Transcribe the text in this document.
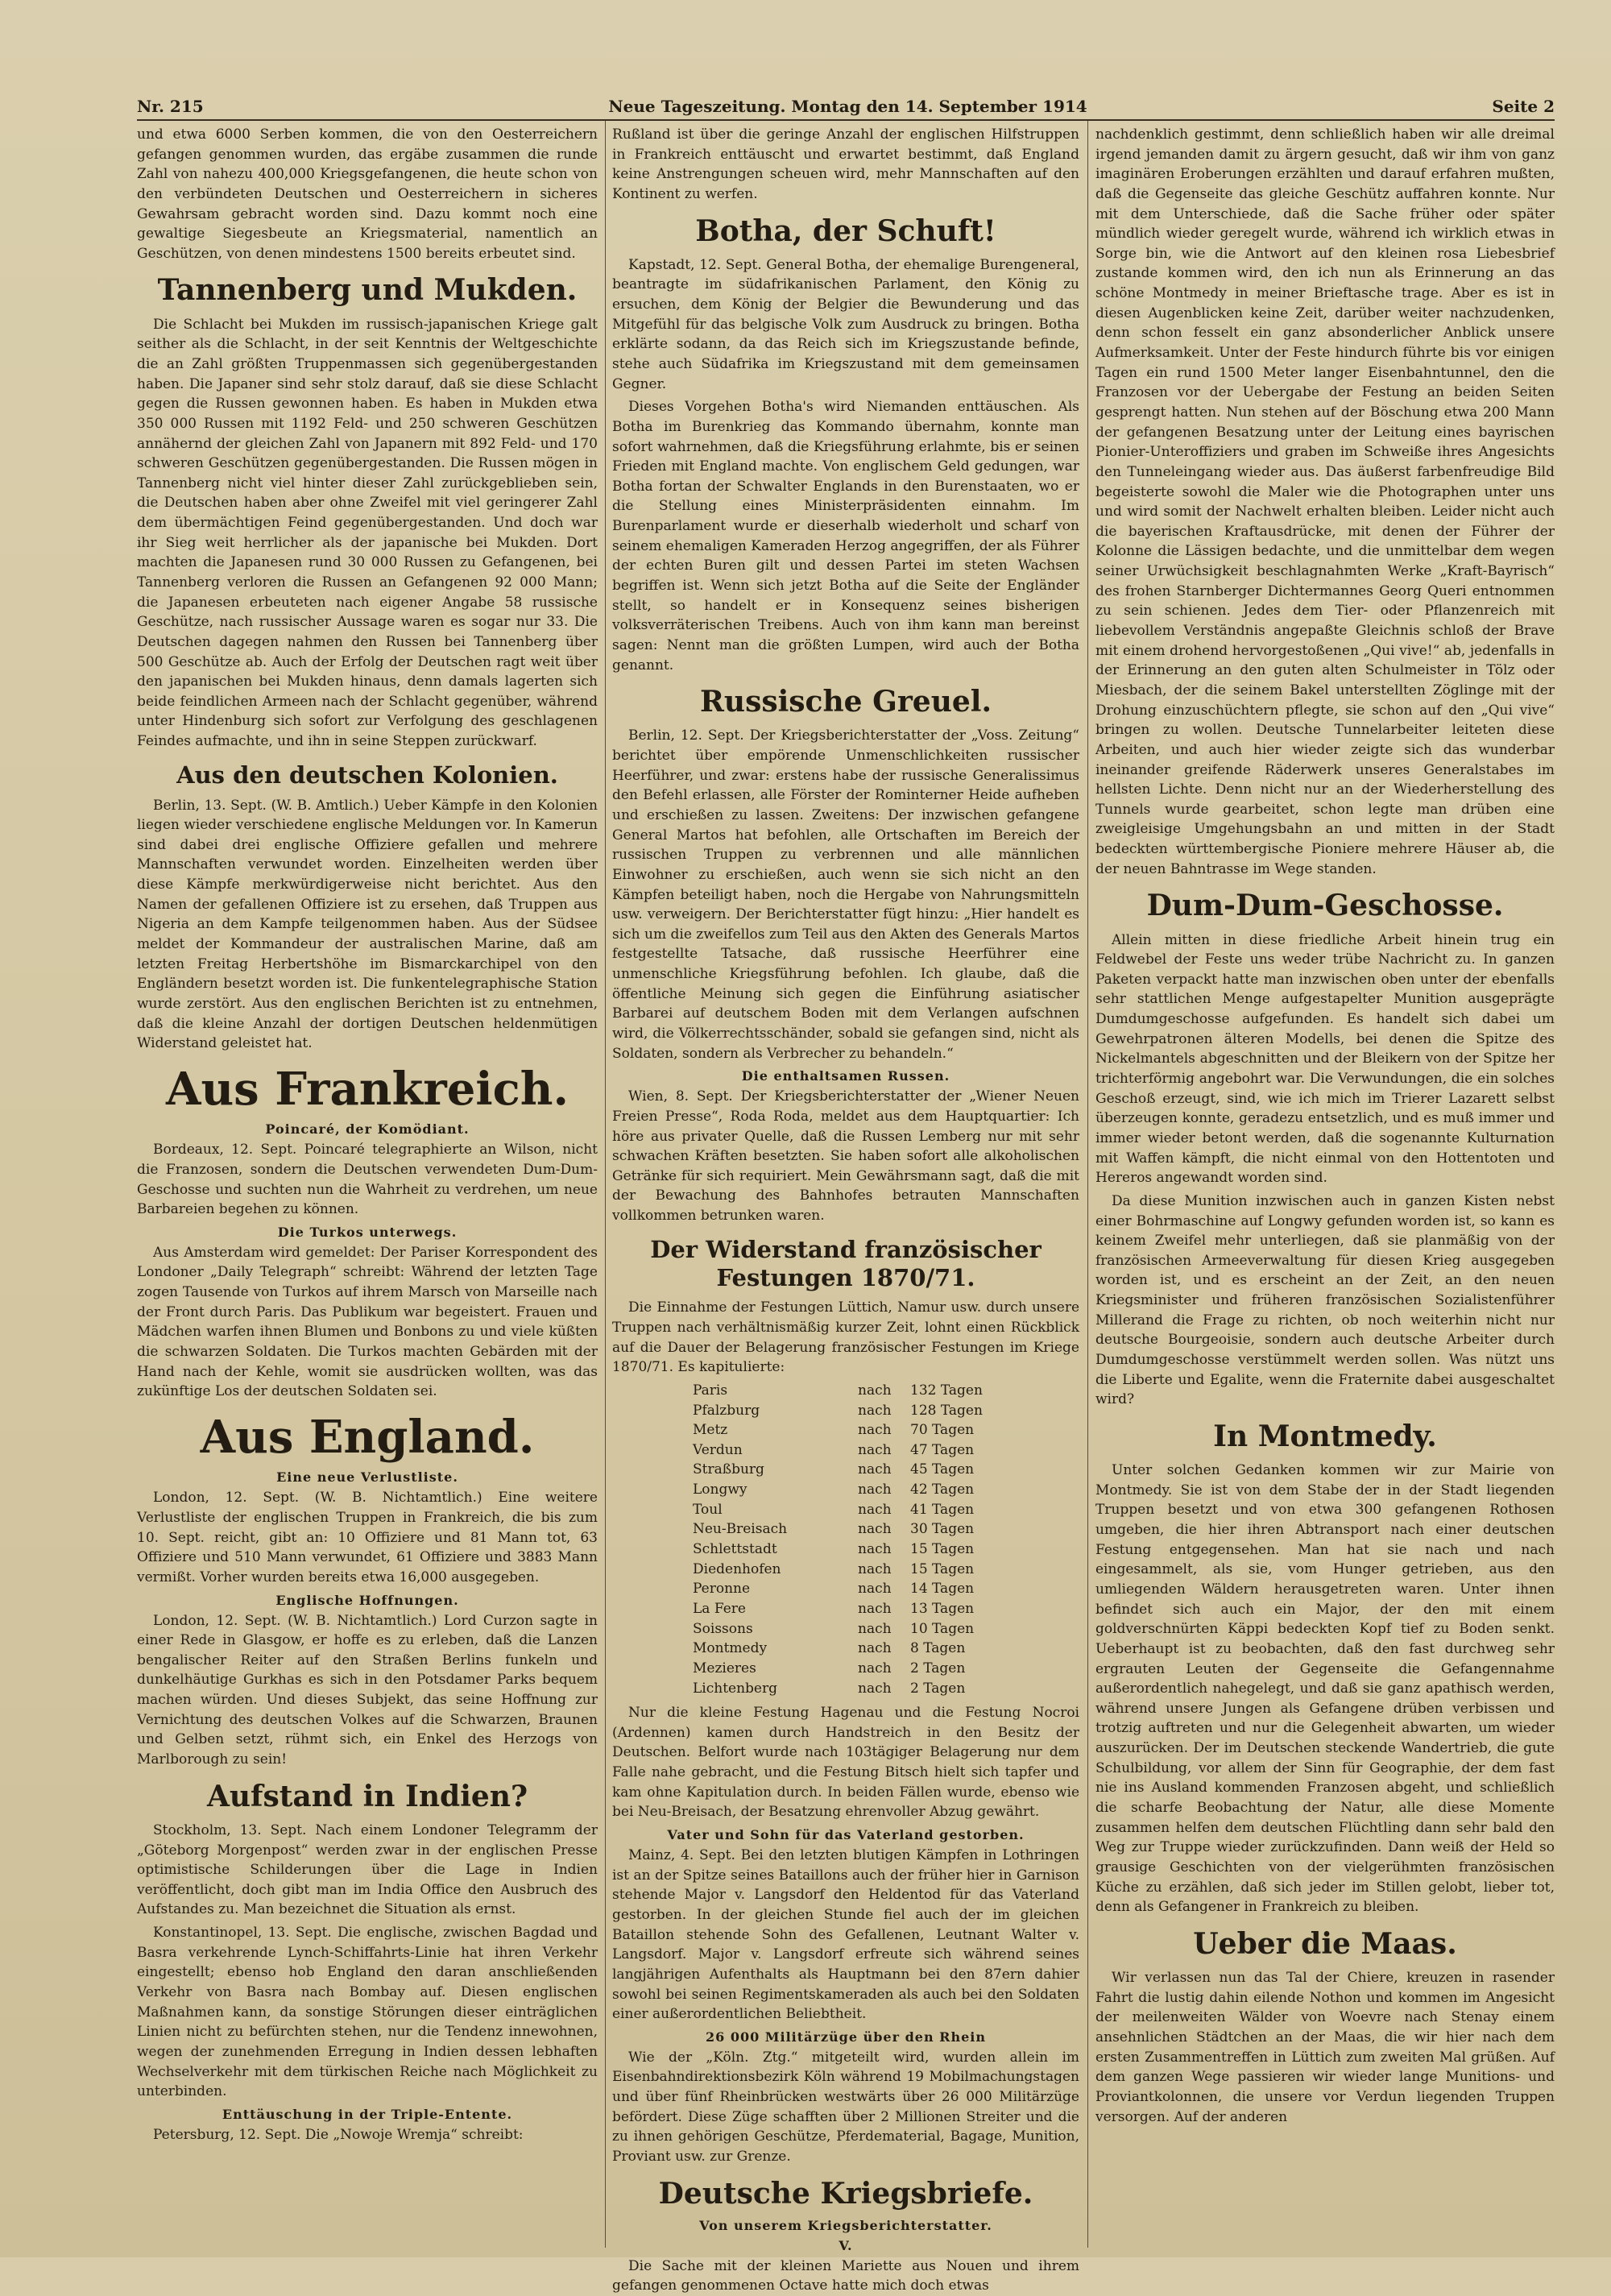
Nr. 215	Neue Tageszeitung. Montag den 14. September 1914	Seite 2

und etwa 6000 Serben kommen, die von den Oesterreichern gefangen genommen wurden, das ergäbe zusammen die runde Zahl von nahezu 400,000 Kriegsgefangenen, die heute schon von den verbündeten Deutschen und Oesterreichern in sicheres Gewahrsam gebracht worden sind. Dazu kommt noch eine gewaltige Siegesbeute an Kriegsmaterial, namentlich an Geschützen, von denen mindestens 1500 bereits erbeutet sind.

Tannenberg und Mukden.

Die Schlacht bei Mukden im russisch-japanischen Kriege galt seither als die Schlacht, in der seit Kenntnis der Weltgeschichte die an Zahl größten Truppenmassen sich gegenübergestanden haben. Die Japaner sind sehr stolz darauf, daß sie diese Schlacht gegen die Russen gewonnen haben. Es haben in Mukden etwa 350 000 Russen mit 1192 Feld- und 250 schweren Geschützen annähernd der gleichen Zahl von Japanern mit 892 Feld- und 170 schweren Geschützen gegenübergestanden. Die Russen mögen in Tannenberg nicht viel hinter dieser Zahl zurückgeblieben sein, die Deutschen haben aber ohne Zweifel mit viel geringerer Zahl dem übermächtigen Feind gegenübergestanden. Und doch war ihr Sieg weit herrlicher als der japanische bei Mukden. Dort machten die Japanesen rund 30 000 Russen zu Gefangenen, bei Tannenberg verloren die Russen an Gefangenen 92 000 Mann; die Japanesen erbeuteten nach eigener Angabe 58 russische Geschütze, nach russischer Aussage waren es sogar nur 33. Die Deutschen dagegen nahmen den Russen bei Tannenberg über 500 Geschütze ab. Auch der Erfolg der Deutschen ragt weit über den japanischen bei Mukden hinaus, denn damals lagerten sich beide feindlichen Armeen nach der Schlacht gegenüber, während unter Hindenburg sich sofort zur Verfolgung des geschlagenen Feindes aufmachte, und ihn in seine Steppen zurückwarf.

Aus den deutschen Kolonien.

Berlin, 13. Sept. (W. B. Amtlich.) Ueber Kämpfe in den Kolonien liegen wieder verschiedene englische Meldungen vor. In Kamerun sind dabei drei englische Offiziere gefallen und mehrere Mannschaften verwundet worden. Einzelheiten werden über diese Kämpfe merkwürdigerweise nicht berichtet. Aus den Namen der gefallenen Offiziere ist zu ersehen, daß Truppen aus Nigeria an dem Kampfe teilgenommen haben. Aus der Südsee meldet der Kommandeur der australischen Marine, daß am letzten Freitag Herbertshöhe im Bismarckarchipel von den Engländern besetzt worden ist. Die funkentelegraphische Station wurde zerstört. Aus den englischen Berichten ist zu entnehmen, daß die kleine Anzahl der dortigen Deutschen heldenmütigen Widerstand geleistet hat.

Aus Frankreich.
Poincaré, der Komödiant.

Bordeaux, 12. Sept. Poincaré telegraphierte an Wilson, nicht die Franzosen, sondern die Deutschen verwendeten Dum-Dum-Geschosse und suchten nun die Wahrheit zu verdrehen, um neue Barbareien begehen zu können.

Die Turkos unterwegs.

Aus Amsterdam wird gemeldet: Der Pariser Korrespondent des Londoner „Daily Telegraph“ schreibt: Während der letzten Tage zogen Tausende von Turkos auf ihrem Marsch von Marseille nach der Front durch Paris. Das Publikum war begeistert. Frauen und Mädchen warfen ihnen Blumen und Bonbons zu und viele küßten die schwarzen Soldaten. Die Turkos machten Gebärden mit der Hand nach der Kehle, womit sie ausdrücken wollten, was das zukünftige Los der deutschen Soldaten sei.

Aus England.
Eine neue Verlustliste.

London, 12. Sept. (W. B. Nichtamtlich.) Eine weitere Verlustliste der englischen Truppen in Frankreich, die bis zum 10. Sept. reicht, gibt an: 10 Offiziere und 81 Mann tot, 63 Offiziere und 510 Mann verwundet, 61 Offiziere und 3883 Mann vermißt. Vorher wurden bereits etwa 16,000 ausgegeben.

Englische Hoffnungen.

London, 12. Sept. (W. B. Nichtamtlich.) Lord Curzon sagte in einer Rede in Glasgow, er hoffe es zu erleben, daß die Lanzen bengalischer Reiter auf den Straßen Berlins funkeln und dunkelhäutige Gurkhas es sich in den Potsdamer Parks bequem machen würden. Und dieses Subjekt, das seine Hoffnung zur Vernichtung des deutschen Volkes auf die Schwarzen, Braunen und Gelben setzt, rühmt sich, ein Enkel des Herzogs von Marlborough zu sein!

Aufstand in Indien?

Stockholm, 13. Sept. Nach einem Londoner Telegramm der „Göteborg Morgenpost“ werden zwar in der englischen Presse optimistische Schilderungen über die Lage in Indien veröffentlicht, doch gibt man im India Office den Ausbruch des Aufstandes zu. Man bezeichnet die Situation als ernst.

Konstantinopel, 13. Sept. Die englische, zwischen Bagdad und Basra verkehrende Lynch-Schiffahrts-Linie hat ihren Verkehr eingestellt; ebenso hob England den daran anschließenden Verkehr von Basra nach Bombay auf. Diesen englischen Maßnahmen kann, da sonstige Störungen dieser einträglichen Linien nicht zu befürchten stehen, nur die Tendenz innewohnen, wegen der zunehmenden Erregung in Indien dessen lebhaften Wechselverkehr mit dem türkischen Reiche nach Möglichkeit zu unterbinden.

Enttäuschung in der Triple-Entente.

Petersburg, 12. Sept. Die „Nowoje Wremja“ schreibt:

Rußland ist über die geringe Anzahl der englischen Hilfstruppen in Frankreich enttäuscht und erwartet bestimmt, daß England keine Anstrengungen scheuen wird, mehr Mannschaften auf den Kontinent zu werfen.

Botha, der Schuft!

Kapstadt, 12. Sept. General Botha, der ehemalige Burengeneral, beantragte im südafrikanischen Parlament, den König zu ersuchen, dem König der Belgier die Bewunderung und das Mitgefühl für das belgische Volk zum Ausdruck zu bringen. Botha erklärte sodann, da das Reich sich im Kriegszustande befinde, stehe auch Südafrika im Kriegszustand mit dem gemeinsamen Gegner.

Dieses Vorgehen Botha's wird Niemanden enttäuschen. Als Botha im Burenkrieg das Kommando übernahm, konnte man sofort wahrnehmen, daß die Kriegsführung erlahmte, bis er seinen Frieden mit England machte. Von englischem Geld gedungen, war Botha fortan der Schwalter Englands in den Burenstaaten, wo er die Stellung eines Ministerpräsidenten einnahm. Im Burenparlament wurde er dieserhalb wiederholt und scharf von seinem ehemaligen Kameraden Herzog angegriffen, der als Führer der echten Buren gilt und dessen Partei im steten Wachsen begriffen ist. Wenn sich jetzt Botha auf die Seite der Engländer stellt, so handelt er in Konsequenz seines bisherigen volksverräterischen Treibens. Auch von ihm kann man bereinst sagen: Nennt man die größten Lumpen, wird auch der Botha genannt.

Russische Greuel.

Berlin, 12. Sept. Der Kriegsberichterstatter der „Voss. Zeitung“ berichtet über empörende Unmenschlichkeiten russischer Heerführer, und zwar: erstens habe der russische Generalissimus den Befehl erlassen, alle Förster der Rominterner Heide aufheben und erschießen zu lassen. Zweitens: Der inzwischen gefangene General Martos hat befohlen, alle Ortschaften im Bereich der russischen Truppen zu verbrennen und alle männlichen Einwohner zu erschießen, auch wenn sie sich nicht an den Kämpfen beteiligt haben, noch die Hergabe von Nahrungsmitteln usw. verweigern. Der Berichterstatter fügt hinzu: „Hier handelt es sich um die zweifellos zum Teil aus den Akten des Generals Martos festgestellte Tatsache, daß russische Heerführer eine unmenschliche Kriegsführung befohlen. Ich glaube, daß die öffentliche Meinung sich gegen die Einführung asiatischer Barbarei auf deutschem Boden mit dem Verlangen aufschnen wird, die Völkerrechtsschänder, sobald sie gefangen sind, nicht als Soldaten, sondern als Verbrecher zu behandeln.“

Die enthaltsamen Russen.

Wien, 8. Sept. Der Kriegsberichterstatter der „Wiener Neuen Freien Presse“, Roda Roda, meldet aus dem Hauptquartier: Ich höre aus privater Quelle, daß die Russen Lemberg nur mit sehr schwachen Kräften besetzten. Sie haben sofort alle alkoholischen Getränke für sich requiriert. Mein Gewährsmann sagt, daß die mit der Bewachung des Bahnhofes betrauten Mannschaften vollkommen betrunken waren.

Der Widerstand französischer Festungen 1870/71.

Die Einnahme der Festungen Lüttich, Namur usw. durch unsere Truppen nach verhältnismäßig kurzer Zeit, lohnt einen Rückblick auf die Dauer der Belagerung französischer Festungen im Kriege 1870/71. Es kapitulierte:

Paris	nach	132 Tagen
Pfalzburg	nach	128 Tagen
Metz	nach	70 Tagen
Verdun	nach	47 Tagen
Straßburg	nach	45 Tagen
Longwy	nach	42 Tagen
Toul	nach	41 Tagen
Neu-Breisach	nach	30 Tagen
Schlettstadt	nach	15 Tagen
Diedenhofen	nach	15 Tagen
Peronne	nach	14 Tagen
La Fere	nach	13 Tagen
Soissons	nach	10 Tagen
Montmedy	nach	8 Tagen
Mezieres	nach	2 Tagen
Lichtenberg	nach	2 Tagen

Nur die kleine Festung Hagenau und die Festung Nocroi (Ardennen) kamen durch Handstreich in den Besitz der Deutschen. Belfort wurde nach 103tägiger Belagerung nur dem Falle nahe gebracht, und die Festung Bitsch hielt sich tapfer und kam ohne Kapitulation durch. In beiden Fällen wurde, ebenso wie bei Neu-Breisach, der Besatzung ehrenvoller Abzug gewährt.

Vater und Sohn für das Vaterland gestorben.

Mainz, 4. Sept. Bei den letzten blutigen Kämpfen in Lothringen ist an der Spitze seines Bataillons auch der früher hier in Garnison stehende Major v. Langsdorf den Heldentod für das Vaterland gestorben. In der gleichen Stunde fiel auch der im gleichen Bataillon stehende Sohn des Gefallenen, Leutnant Walter v. Langsdorf. Major v. Langsdorf erfreute sich während seines langjährigen Aufenthalts als Hauptmann bei den 87ern dahier sowohl bei seinen Regimentskameraden als auch bei den Soldaten einer außerordentlichen Beliebtheit.

26 000 Militärzüge über den Rhein

Wie der „Köln. Ztg.“ mitgeteilt wird, wurden allein im Eisenbahndirektionsbezirk Köln während 19 Mobilmachungstagen und über fünf Rheinbrücken westwärts über 26 000 Militärzüge befördert. Diese Züge schafften über 2 Millionen Streiter und die zu ihnen gehörigen Geschütze, Pferdematerial, Bagage, Munition, Proviant usw. zur Grenze.

Deutsche Kriegsbriefe.
Von unserem Kriegsberichterstatter.
V.

Die Sache mit der kleinen Mariette aus Nouen und ihrem gefangen genommenen Octave hatte mich doch etwas

nachdenklich gestimmt, denn schließlich haben wir alle dreimal irgend jemanden damit zu ärgern gesucht, daß wir ihm von ganz imaginären Eroberungen erzählten und darauf erfahren mußten, daß die Gegenseite das gleiche Geschütz auffahren konnte. Nur mit dem Unterschiede, daß die Sache früher oder später mündlich wieder geregelt wurde, während ich wirklich etwas in Sorge bin, wie die Antwort auf den kleinen rosa Liebesbrief zustande kommen wird, den ich nun als Erinnerung an das schöne Montmedy in meiner Brieftasche trage. Aber es ist in diesen Augenblicken keine Zeit, darüber weiter nachzudenken, denn schon fesselt ein ganz absonderlicher Anblick unsere Aufmerksamkeit. Unter der Feste hindurch führte bis vor einigen Tagen ein rund 1500 Meter langer Eisenbahntunnel, den die Franzosen vor der Uebergabe der Festung an beiden Seiten gesprengt hatten. Nun stehen auf der Böschung etwa 200 Mann der gefangenen Besatzung unter der Leitung eines bayrischen Pionier-Unteroffiziers und graben im Schweiße ihres Angesichts den Tunneleingang wieder aus. Das äußerst farbenfreudige Bild begeisterte sowohl die Maler wie die Photographen unter uns und wird somit der Nachwelt erhalten bleiben. Leider nicht auch die bayerischen Kraftausdrücke, mit denen der Führer der Kolonne die Lässigen bedachte, und die unmittelbar dem wegen seiner Urwüchsigkeit beschlagnahmten Werke „Kraft-Bayrisch“ des frohen Starnberger Dichtermannes Georg Queri entnommen zu sein schienen. Jedes dem Tier- oder Pflanzenreich mit liebevollem Verständnis angepaßte Gleichnis schloß der Brave mit einem drohend hervorgestoßenen „Qui vive!“ ab, jedenfalls in der Erinnerung an den guten alten Schulmeister in Tölz oder Miesbach, der die seinem Bakel unterstellten Zöglinge mit der Drohung einzuschüchtern pflegte, sie schon auf den „Qui vive“ bringen zu wollen. Deutsche Tunnelarbeiter leiteten diese Arbeiten, und auch hier wieder zeigte sich das wunderbar ineinander greifende Räderwerk unseres Generalstabes im hellsten Lichte. Denn nicht nur an der Wiederherstellung des Tunnels wurde gearbeitet, schon legte man drüben eine zweigleisige Umgehungsbahn an und mitten in der Stadt bedeckten württembergische Pioniere mehrere Häuser ab, die der neuen Bahntrasse im Wege standen.

Dum-Dum-Geschosse.

Allein mitten in diese friedliche Arbeit hinein trug ein Feldwebel der Feste uns weder trübe Nachricht zu. In ganzen Paketen verpackt hatte man inzwischen oben unter der ebenfalls sehr stattlichen Menge aufgestapelter Munition ausgeprägte Dumdumgeschosse aufgefunden. Es handelt sich dabei um Gewehrpatronen älteren Modells, bei denen die Spitze des Nickelmantels abgeschnitten und der Bleikern von der Spitze her trichterförmig angebohrt war. Die Verwundungen, die ein solches Geschoß erzeugt, sind, wie ich mich im Trierer Lazarett selbst überzeugen konnte, geradezu entsetzlich, und es muß immer und immer wieder betont werden, daß die sogenannte Kulturnation mit Waffen kämpft, die nicht einmal von den Hottentoten und Hereros angewandt worden sind.

Da diese Munition inzwischen auch in ganzen Kisten nebst einer Bohrmaschine auf Longwy gefunden worden ist, so kann es keinem Zweifel mehr unterliegen, daß sie planmäßig von der französischen Armeeverwaltung für diesen Krieg ausgegeben worden ist, und es erscheint an der Zeit, an den neuen Kriegsminister und früheren französischen Sozialistenführer Millerand die Frage zu richten, ob noch weiterhin nicht nur deutsche Bourgeoisie, sondern auch deutsche Arbeiter durch Dumdumgeschosse verstümmelt werden sollen. Was nützt uns die Liberte und Egalite, wenn die Fraternite dabei ausgeschaltet wird?

In Montmedy.

Unter solchen Gedanken kommen wir zur Mairie von Montmedy. Sie ist von dem Stabe der in der Stadt liegenden Truppen besetzt und von etwa 300 gefangenen Rothosen umgeben, die hier ihren Abtransport nach einer deutschen Festung entgegensehen. Man hat sie nach und nach eingesammelt, als sie, vom Hunger getrieben, aus den umliegenden Wäldern herausgetreten waren. Unter ihnen befindet sich auch ein Major, der den mit einem goldverschnürten Käppi bedeckten Kopf tief zu Boden senkt. Ueberhaupt ist zu beobachten, daß den fast durchweg sehr ergrauten Leuten der Gegenseite die Gefangennahme außerordentlich nahegelegt, und daß sie ganz apathisch werden, während unsere Jungen als Gefangene drüben verbissen und trotzig auftreten und nur die Gelegenheit abwarten, um wieder auszurücken. Der im Deutschen steckende Wandertrieb, die gute Schulbildung, vor allem der Sinn für Geographie, der dem fast nie ins Ausland kommenden Franzosen abgeht, und schließlich die scharfe Beobachtung der Natur, alle diese Momente zusammen helfen dem deutschen Flüchtling dann sehr bald den Weg zur Truppe wieder zurückzufinden. Dann weiß der Held so grausige Geschichten von der vielgerühmten französischen Küche zu erzählen, daß sich jeder im Stillen gelobt, lieber tot, denn als Gefangener in Frankreich zu bleiben.

Ueber die Maas.

Wir verlassen nun das Tal der Chiere, kreuzen in rasender Fahrt die lustig dahin eilende Nothon und kommen im Angesicht der meilenweiten Wälder von Woevre nach Stenay einem ansehnlichen Städtchen an der Maas, die wir hier nach dem ersten Zusammentreffen in Lüttich zum zweiten Mal grüßen. Auf dem ganzen Wege passieren wir wieder lange Munitions- und Proviantkolonnen, die unsere vor Verdun liegenden Truppen versorgen. Auf der anderen
